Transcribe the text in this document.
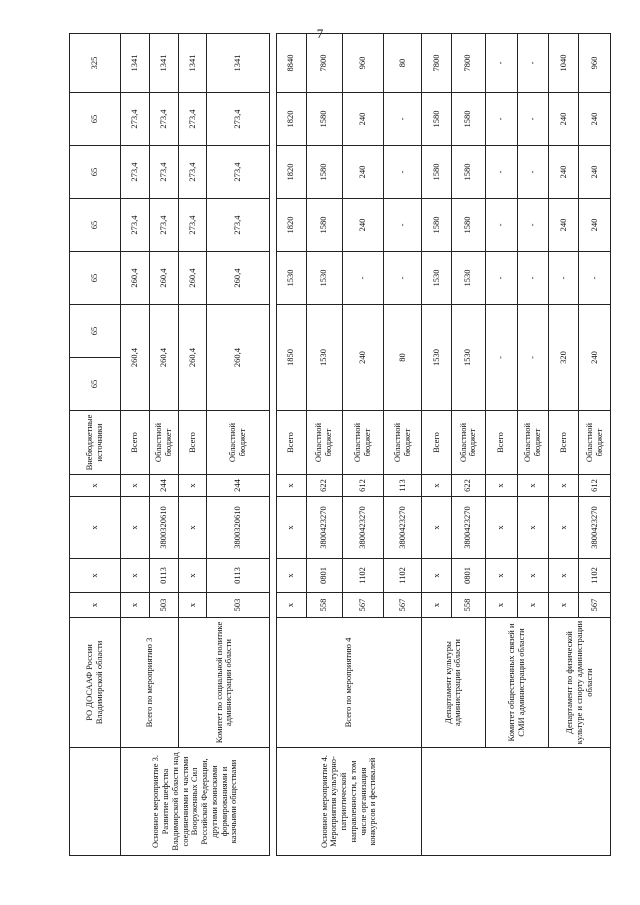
7
	РО ДОСААФ России Владимирской области	x	x	x	x	Внебюджетные источники	65	65	65	65	65	65	325
Основное мероприятие 3. Развитие шефства Владимирской области над соединениями и частями Вооруженных Сил Российской Федерации, другими воинскими формированиями и казачьими обществами	Всего по мероприятию 3	x	x	x	x	Всего	260,4		260,4	273,4	273,4	273,4	1341
		503	0113	3800320610	244	Областной бюджет	260,4		260,4	273,4	273,4	273,4	1341
	Комитет по социальной политике администрации области	x	x	x	x	Всего	260,4		260,4	273,4	273,4	273,4	1341
		503	0113	3800320610	244	Областной бюджет	260,4		260,4	273,4	273,4	273,4	1341

Основное мероприятие 4. Мероприятия культурно-патриотической направленности, в том числе организация конкурсов и фестивалей	Всего по мероприятию 4	x	x	x	x	Всего	1850		1530	1820	1820	1820	8840
		558	0801	3800423270	622	Областной бюджет	1530		1530	1580	1580	1580	7800
		567	1102	3800423270	612	Областной бюджет	240		-	240	240	240	960
		567	1102	3800423270	113	Областной бюджет	80		-	-	-	-	80
	Департамент культуры администрации области	x	x	x	x	Всего	1530		1530	1580	1580	1580	7800
		558	0801	3800423270	622	Областной бюджет	1530		1530	1580	1580	1580	7800
	Комитет общественных связей и СМИ администрации области	x	x	x	x	Всего	-		-	-	-	-	-
		x	x	x	x	Областной бюджет	-		-	-	-	-	-
	Департамент по физической культуре и спорту администрации области	x	x	x	x	Всего	320		-	240	240	240	1040
		567	1102	3800423270	612	Областной бюджет	240		-	240	240	240	960
